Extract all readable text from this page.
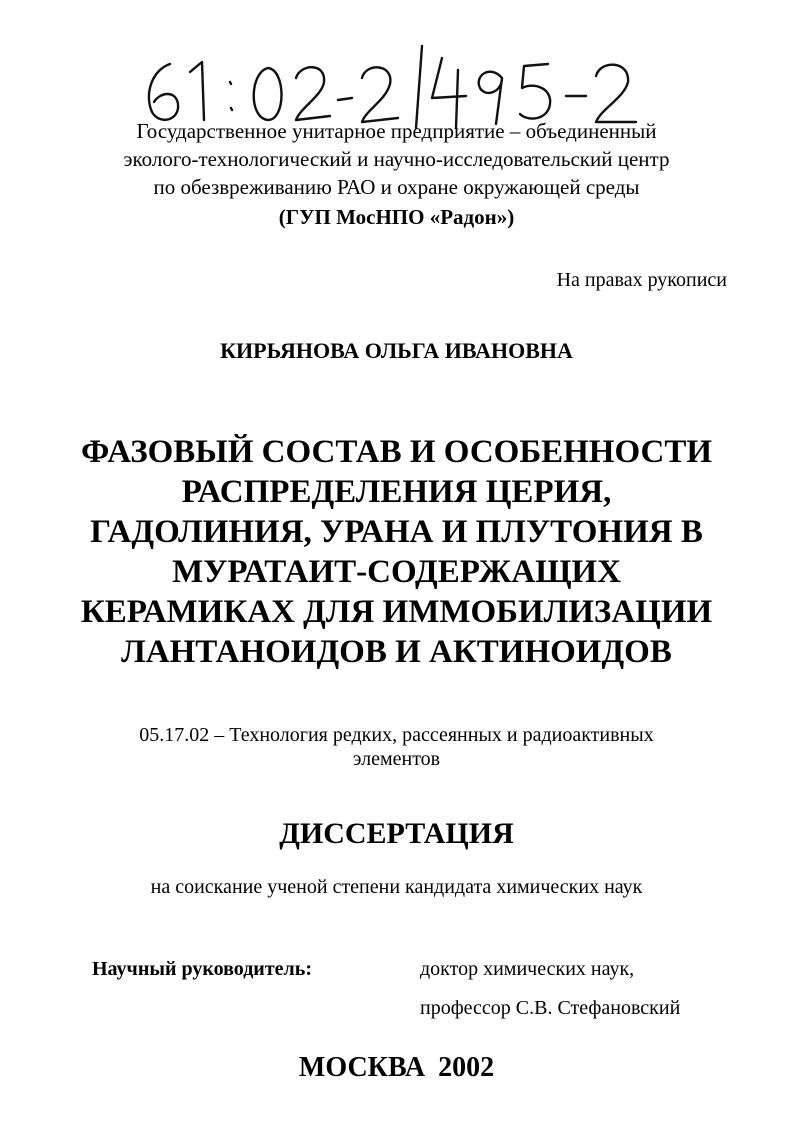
Государственное унитарное предприятие – объединенный
эколого-технологический и научно-исследовательский центр
по обезвреживанию РАО и охране окружающей среды
(ГУП МосНПО «Радон»)
На правах рукописи
КИРЬЯНОВА ОЛЬГА ИВАНОВНА
ФАЗОВЫЙ СОСТАВ И ОСОБЕННОСТИ
РАСПРЕДЕЛЕНИЯ ЦЕРИЯ,
ГАДОЛИНИЯ, УРАНА И ПЛУТОНИЯ В
МУРАТАИТ-СОДЕРЖАЩИХ
КЕРАМИКАХ ДЛЯ ИММОБИЛИЗАЦИИ
ЛАНТАНОИДОВ И АКТИНОИДОВ
05.17.02 – Технология редких, рассеянных и радиоактивных
элементов
ДИССЕРТАЦИЯ
на соискание ученой степени кандидата химических наук
Научный руководитель:	доктор химических наук,
профессор С.В. Стефановский
МОСКВА 2002
